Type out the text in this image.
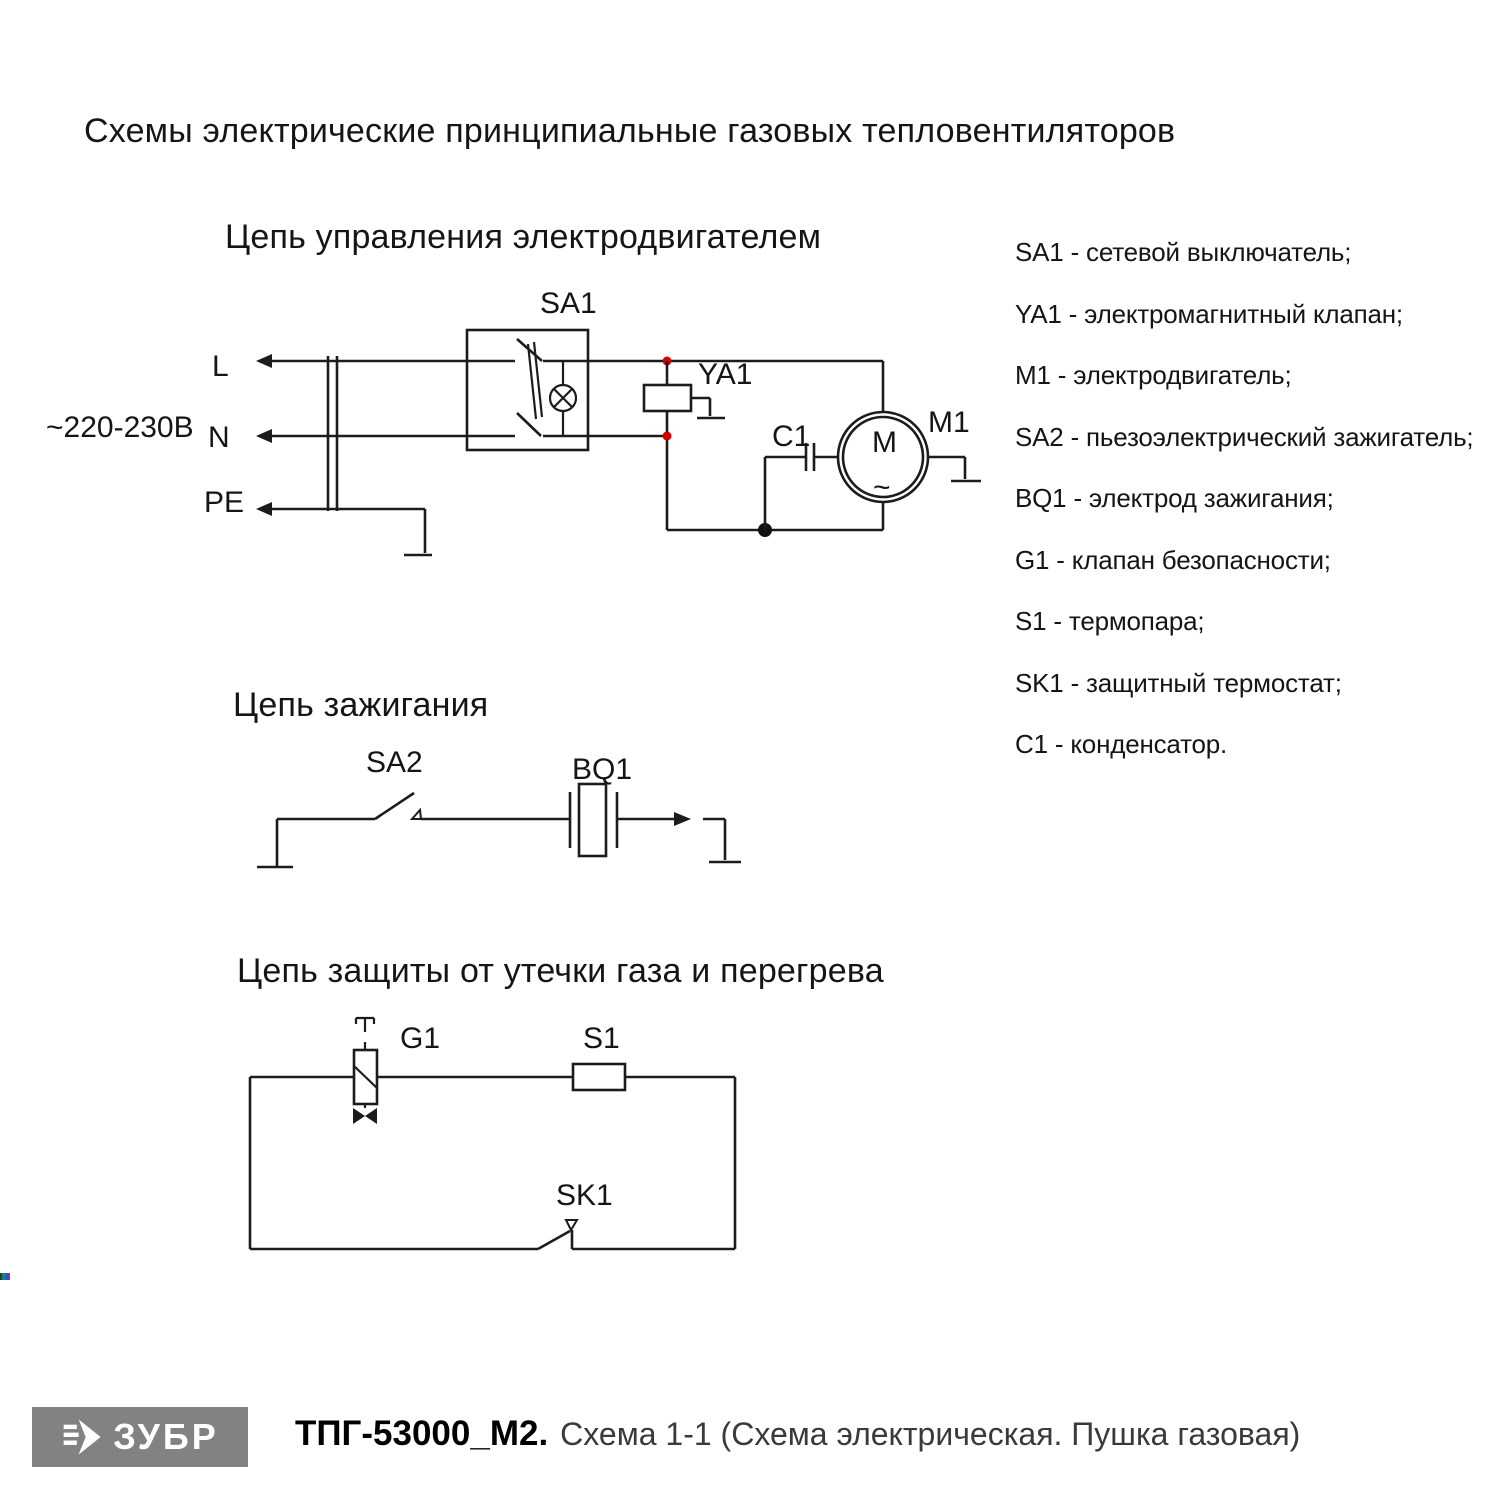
Схемы электрические принципиальные газовых тепловентиляторов
Цепь управления электродвигателем
Цепь зажигания
Цепь защиты от утечки газа и перегрева
~220-230В
L
N
PE
SA1
YA1
C1 M
~
M1
SA2	BQ1
G1	S1
SK1
SA1 - сетевой выключатель;
YA1 - электромагнитный клапан;
M1 - электродвигатель;
SA2 - пьезоэлектрический зажигатель;
BQ1 - электрод зажигания;
G1 - клапан безопасности;
S1 - термопара;
SK1 - защитный термостат;
C1 - конденсатор.
ЗУБР ТПГ-53000_М2. Схема 1-1 (Схема электрическая. Пушка газовая)
